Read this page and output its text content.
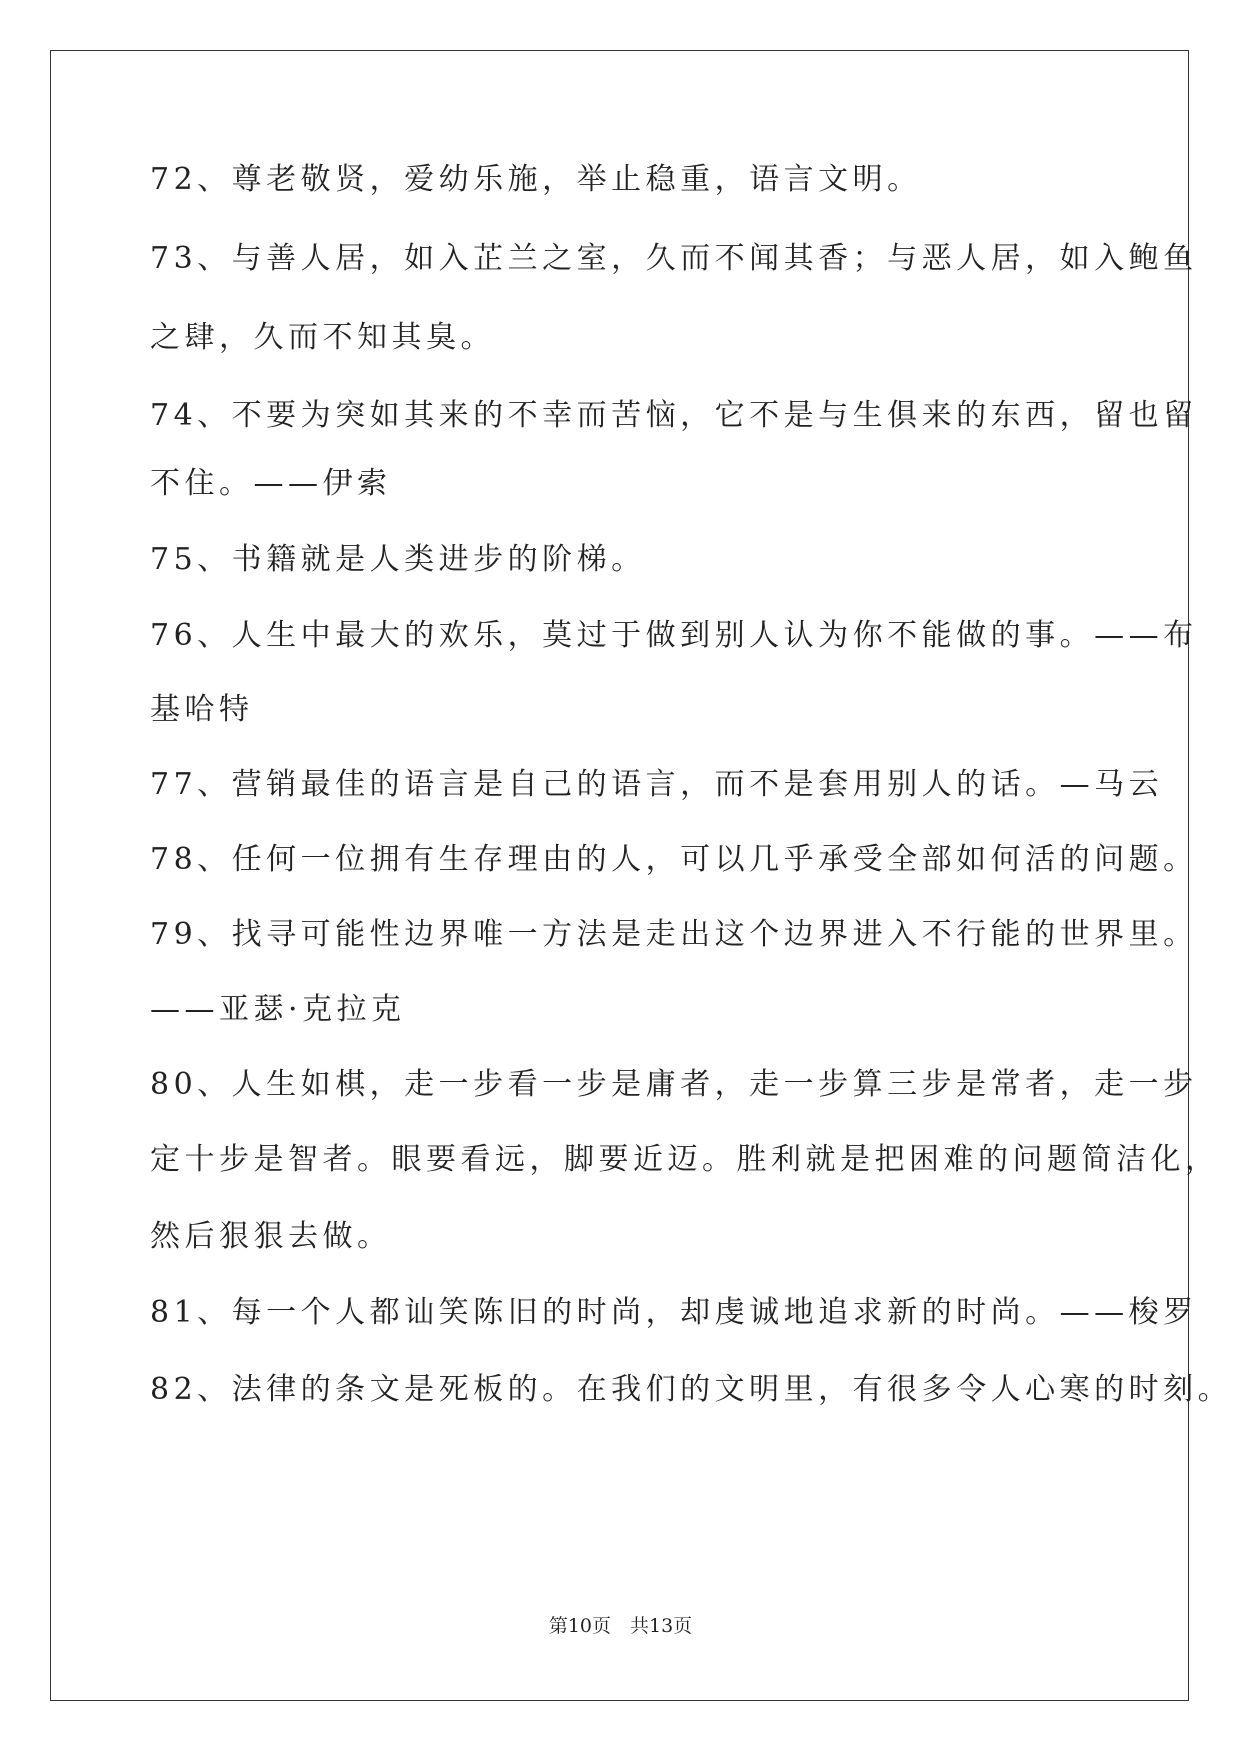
72、尊老敬贤，爱幼乐施，举止稳重，语言文明。
73、与善人居，如入芷兰之室，久而不闻其香；与恶人居，如入鲍鱼
之肆，久而不知其臭。
74、不要为突如其来的不幸而苦恼，它不是与生俱来的东西，留也留
不住。——伊索
75、书籍就是人类进步的阶梯。
76、人生中最大的欢乐，莫过于做到别人认为你不能做的事。——布
基哈特
77、营销最佳的语言是自己的语言，而不是套用别人的话。—马云
78、任何一位拥有生存理由的人，可以几乎承受全部如何活的问题。
79、找寻可能性边界唯一方法是走出这个边界进入不行能的世界里。
——亚瑟·克拉克
80、人生如棋，走一步看一步是庸者，走一步算三步是常者，走一步
定十步是智者。眼要看远，脚要近迈。胜利就是把困难的问题简洁化，
然后狠狠去做。
81、每一个人都讪笑陈旧的时尚，却虔诚地追求新的时尚。——梭罗
82、法律的条文是死板的。在我们的文明里，有很多令人心寒的时刻。
第10页　共13页
